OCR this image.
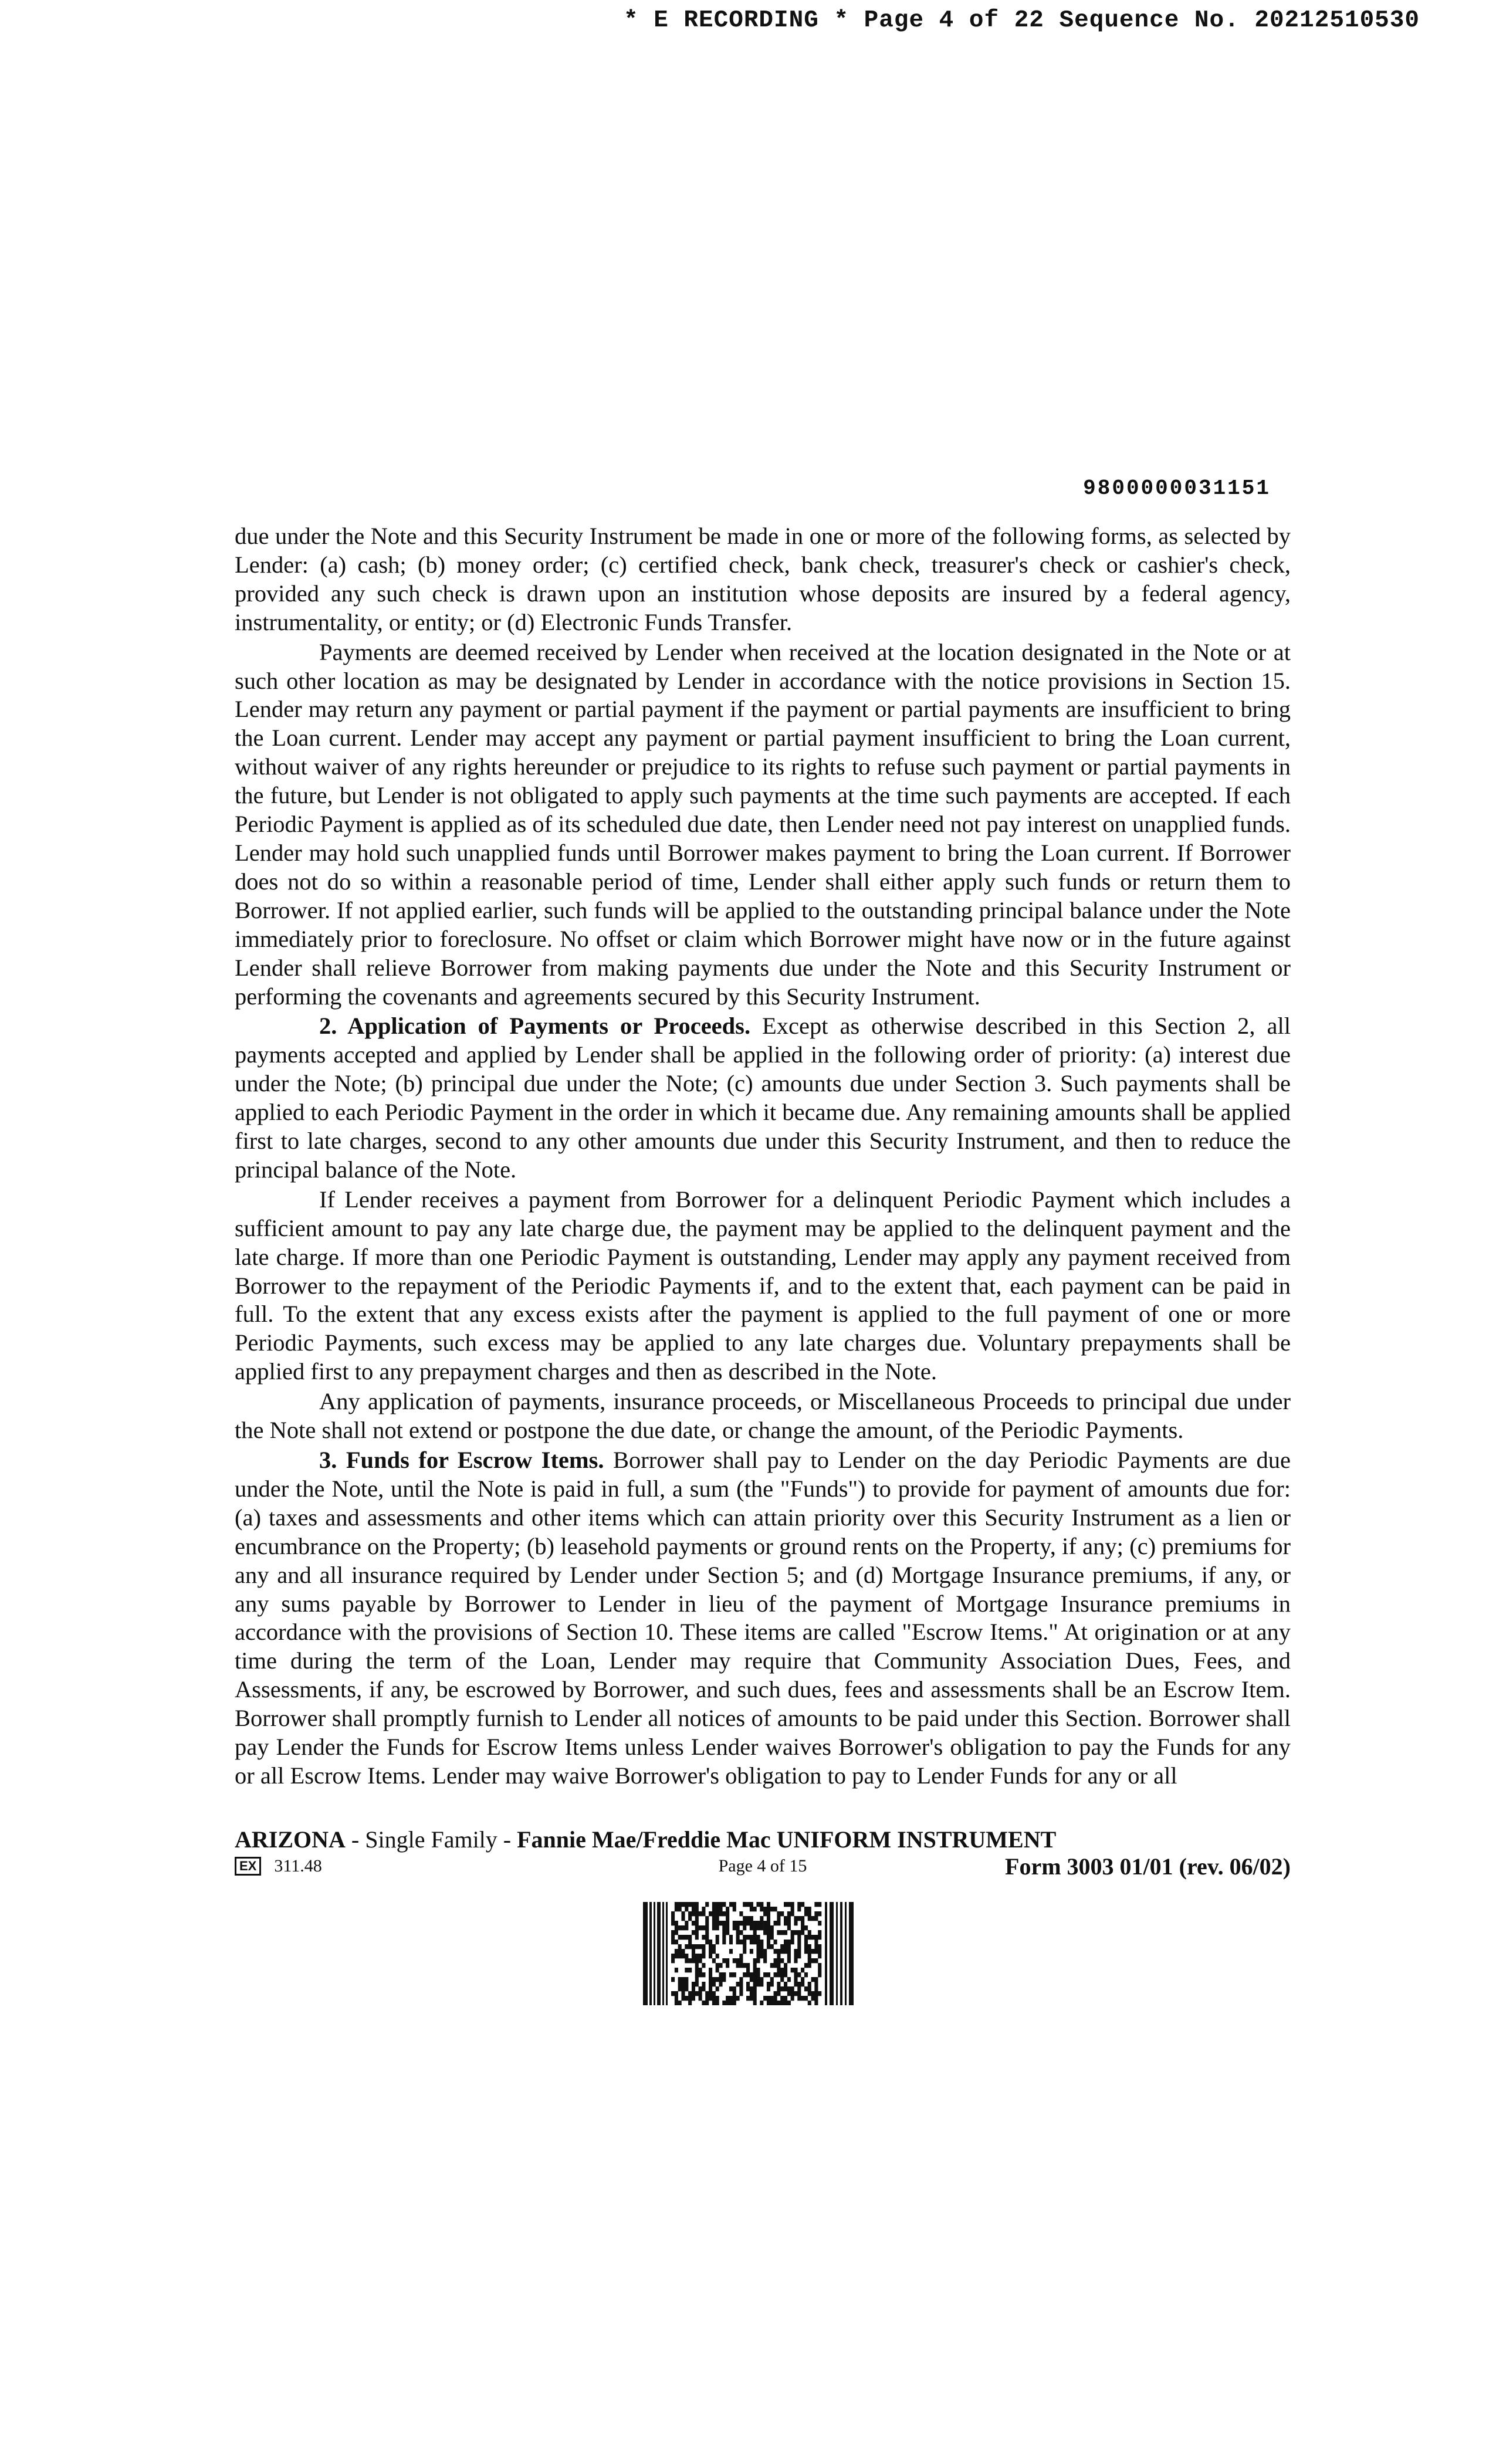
* E RECORDING * Page 4 of 22 Sequence No. 20212510530
9800000031151

due under the Note and this Security Instrument be made in one or more of the following forms, as selected by Lender: (a) cash; (b) money order; (c) certified check, bank check, treasurer's check or cashier's check, provided any such check is drawn upon an institution whose deposits are insured by a federal agency, instrumentality, or entity; or (d) Electronic Funds Transfer.

Payments are deemed received by Lender when received at the location designated in the Note or at such other location as may be designated by Lender in accordance with the notice provisions in Section 15. Lender may return any payment or partial payment if the payment or partial payments are insufficient to bring the Loan current. Lender may accept any payment or partial payment insufficient to bring the Loan current, without waiver of any rights hereunder or prejudice to its rights to refuse such payment or partial payments in the future, but Lender is not obligated to apply such payments at the time such payments are accepted. If each Periodic Payment is applied as of its scheduled due date, then Lender need not pay interest on unapplied funds. Lender may hold such unapplied funds until Borrower makes payment to bring the Loan current. If Borrower does not do so within a reasonable period of time, Lender shall either apply such funds or return them to Borrower. If not applied earlier, such funds will be applied to the outstanding principal balance under the Note immediately prior to foreclosure. No offset or claim which Borrower might have now or in the future against Lender shall relieve Borrower from making payments due under the Note and this Security Instrument or performing the covenants and agreements secured by this Security Instrument.

2. Application of Payments or Proceeds. Except as otherwise described in this Section 2, all payments accepted and applied by Lender shall be applied in the following order of priority: (a) interest due under the Note; (b) principal due under the Note; (c) amounts due under Section 3. Such payments shall be applied to each Periodic Payment in the order in which it became due. Any remaining amounts shall be applied first to late charges, second to any other amounts due under this Security Instrument, and then to reduce the principal balance of the Note.

If Lender receives a payment from Borrower for a delinquent Periodic Payment which includes a sufficient amount to pay any late charge due, the payment may be applied to the delinquent payment and the late charge. If more than one Periodic Payment is outstanding, Lender may apply any payment received from Borrower to the repayment of the Periodic Payments if, and to the extent that, each payment can be paid in full. To the extent that any excess exists after the payment is applied to the full payment of one or more Periodic Payments, such excess may be applied to any late charges due. Voluntary prepayments shall be applied first to any prepayment charges and then as described in the Note.

Any application of payments, insurance proceeds, or Miscellaneous Proceeds to principal due under the Note shall not extend or postpone the due date, or change the amount, of the Periodic Payments.

3. Funds for Escrow Items. Borrower shall pay to Lender on the day Periodic Payments are due under the Note, until the Note is paid in full, a sum (the "Funds") to provide for payment of amounts due for: (a) taxes and assessments and other items which can attain priority over this Security Instrument as a lien or encumbrance on the Property; (b) leasehold payments or ground rents on the Property, if any; (c) premiums for any and all insurance required by Lender under Section 5; and (d) Mortgage Insurance premiums, if any, or any sums payable by Borrower to Lender in lieu of the payment of Mortgage Insurance premiums in accordance with the provisions of Section 10. These items are called "Escrow Items." At origination or at any time during the term of the Loan, Lender may require that Community Association Dues, Fees, and Assessments, if any, be escrowed by Borrower, and such dues, fees and assessments shall be an Escrow Item. Borrower shall promptly furnish to Lender all notices of amounts to be paid under this Section. Borrower shall pay Lender the Funds for Escrow Items unless Lender waives Borrower's obligation to pay the Funds for any or all Escrow Items. Lender may waive Borrower's obligation to pay to Lender Funds for any or all

ARIZONA - Single Family - Fannie Mae/Freddie Mac UNIFORM INSTRUMENT
EX 311.48	Page 4 of 15	Form 3003 01/01 (rev. 06/02)
